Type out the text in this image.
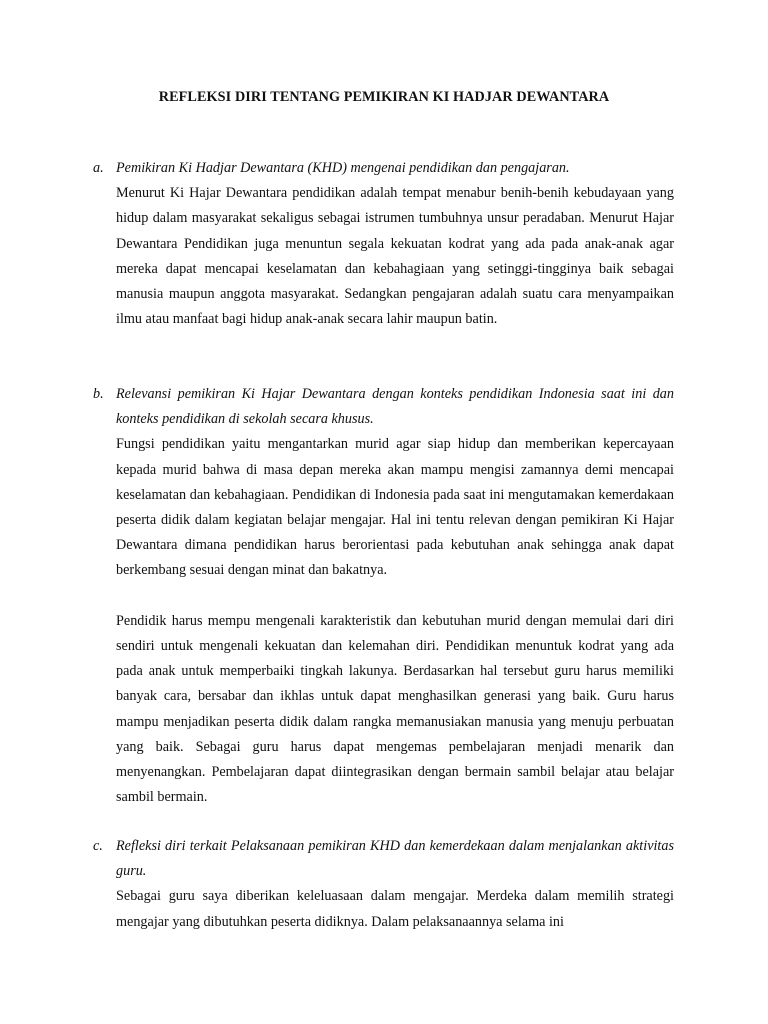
REFLEKSI DIRI TENTANG PEMIKIRAN KI HADJAR DEWANTARA
a. Pemikiran Ki Hadjar Dewantara (KHD) mengenai pendidikan dan pengajaran.

Menurut Ki Hajar Dewantara pendidikan adalah tempat menabur benih-benih kebudayaan yang hidup dalam masyarakat sekaligus sebagai istrumen tumbuhnya unsur peradaban. Menurut Hajar Dewantara Pendidikan juga menuntun segala kekuatan kodrat yang ada pada anak-anak agar mereka dapat mencapai keselamatan dan kebahagiaan yang setinggi-tingginya baik sebagai manusia maupun anggota masyarakat. Sedangkan pengajaran adalah suatu cara menyampaikan ilmu atau manfaat bagi hidup anak-anak secara lahir maupun batin.

b. Relevansi pemikiran Ki Hajar Dewantara dengan konteks pendidikan Indonesia saat ini dan konteks pendidikan di sekolah secara khusus.

Fungsi pendidikan yaitu mengantarkan murid agar siap hidup dan memberikan kepercayaan kepada murid bahwa di masa depan mereka akan mampu mengisi zamannya demi mencapai keselamatan dan kebahagiaan. Pendidikan di Indonesia pada saat ini mengutamakan kemerdakaan peserta didik dalam kegiatan belajar mengajar. Hal ini tentu relevan dengan pemikiran Ki Hajar Dewantara dimana pendidikan harus berorientasi pada kebutuhan anak sehingga anak dapat berkembang sesuai dengan minat dan bakatnya.

Pendidik harus mempu mengenali karakteristik dan kebutuhan murid dengan memulai dari diri sendiri untuk mengenali kekuatan dan kelemahan diri. Pendidikan menuntuk kodrat yang ada pada anak untuk memperbaiki tingkah lakunya. Berdasarkan hal tersebut guru harus memiliki banyak cara, bersabar dan ikhlas untuk dapat menghasilkan generasi yang baik. Guru harus mampu menjadikan peserta didik dalam rangka memanusiakan manusia yang menuju perbuatan yang baik. Sebagai guru harus dapat mengemas pembelajaran menjadi menarik dan menyenangkan. Pembelajaran dapat diintegrasikan dengan bermain sambil belajar atau belajar sambil bermain.

c. Refleksi diri terkait Pelaksanaan pemikiran KHD dan kemerdekaan dalam menjalankan aktivitas guru.

Sebagai guru saya diberikan keleluasaan dalam mengajar. Merdeka dalam memilih strategi mengajar yang dibutuhkan peserta didiknya. Dalam pelaksanaannya selama ini
